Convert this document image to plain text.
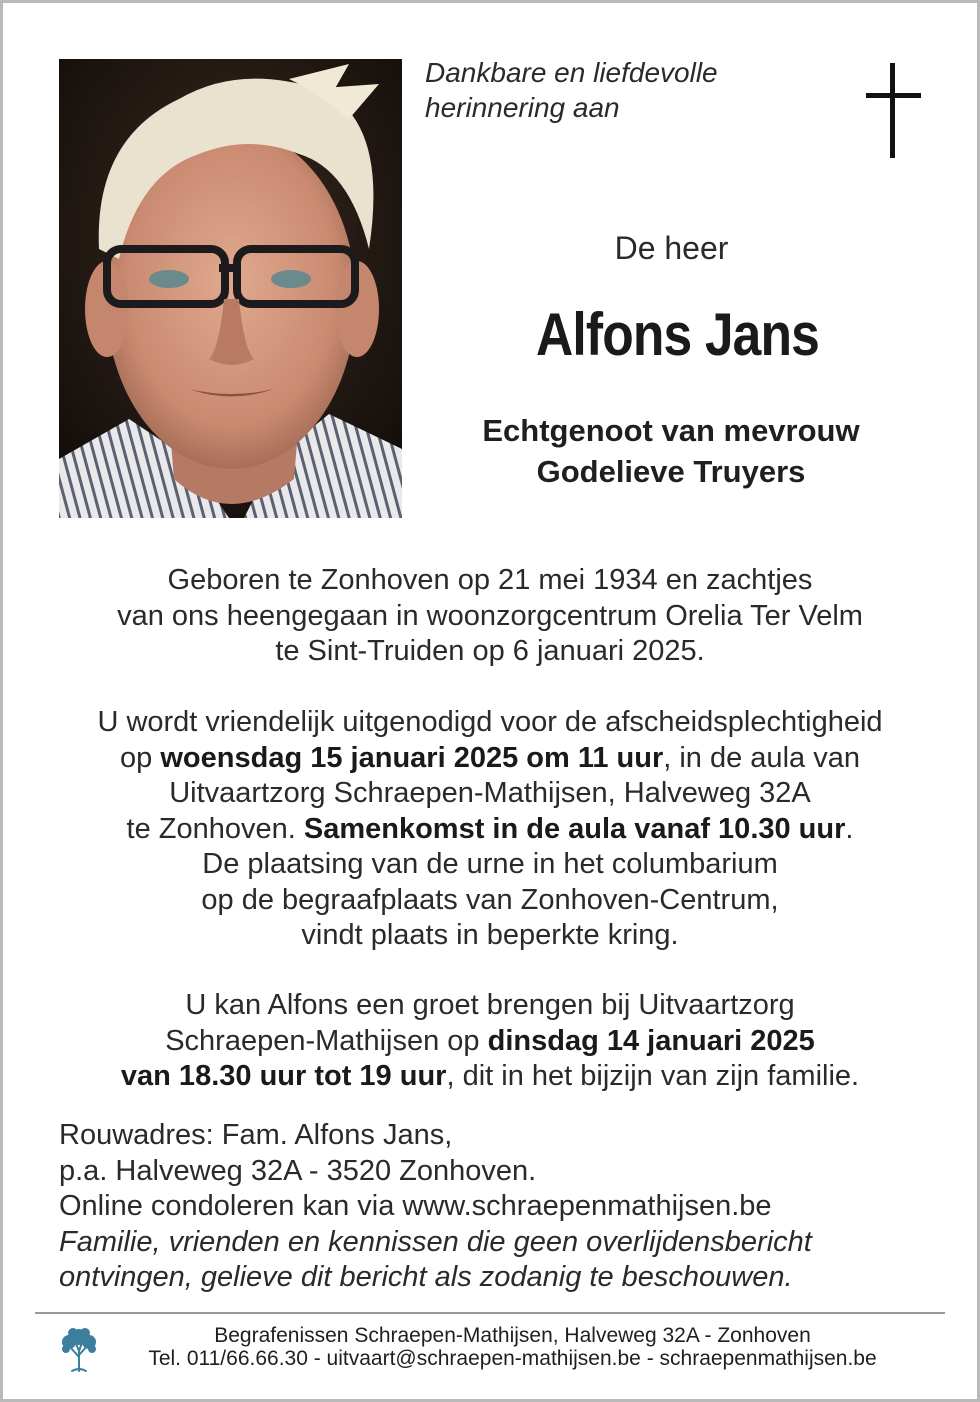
Dankbare en liefdevolle
herinnering aan
De heer
Alfons Jans
Echtgenoot van mevrouw
Godelieve Truyers
Geboren te Zonhoven op 21 mei 1934 en zachtjes
van ons heengegaan in woonzorgcentrum Orelia Ter Velm
te Sint-Truiden op 6 januari 2025.
U wordt vriendelijk uitgenodigd voor de afscheidsplechtigheid
op woensdag 15 januari 2025 om 11 uur, in de aula van
Uitvaartzorg Schraepen-Mathijsen, Halveweg 32A
te Zonhoven. Samenkomst in de aula vanaf 10.30 uur.
De plaatsing van de urne in het columbarium
op de begraafplaats van Zonhoven-Centrum,
vindt plaats in beperkte kring.
U kan Alfons een groet brengen bij Uitvaartzorg
Schraepen-Mathijsen op dinsdag 14 januari 2025
van 18.30 uur tot 19 uur, dit in het bijzijn van zijn familie.
Rouwadres: Fam. Alfons Jans,
p.a. Halveweg 32A - 3520 Zonhoven.
Online condoleren kan via www.schraepenmathijsen.be
Familie, vrienden en kennissen die geen overlijdensbericht
ontvingen, gelieve dit bericht als zodanig te beschouwen.
Begrafenissen Schraepen-Mathijsen, Halveweg 32A - Zonhoven
Tel. 011/66.66.30 - uitvaart@schraepen-mathijsen.be - schraepenmathijsen.be
